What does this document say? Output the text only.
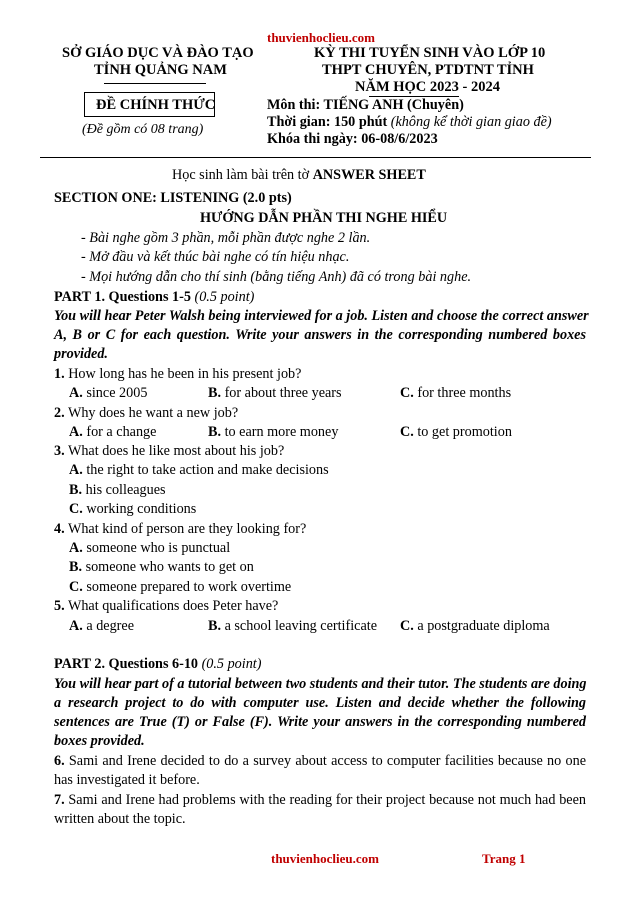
thuvienhoclieu.com
SỞ GIÁO DỤC VÀ ĐÀO TẠO
TỈNH QUẢNG NAM
ĐỀ CHÍNH THỨC
(Đề gồm có 08 trang)
KỲ THI TUYỂN SINH VÀO LỚP 10
THPT CHUYÊN, PTDTNT TỈNH
NĂM HỌC 2023 - 2024
Môn thi: TIẾNG ANH (Chuyên)
Thời gian: 150 phút (không kể thời gian giao đề)
Khóa thi ngày: 06-08/6/2023
Học sinh làm bài trên tờ ANSWER SHEET
SECTION ONE: LISTENING (2.0 pts)
HƯỚNG DẪN PHẦN THI NGHE HIỂU
- Bài nghe gồm 3 phần, mỗi phần được nghe 2 lần.
- Mở đầu và kết thúc bài nghe có tín hiệu nhạc.
- Mọi hướng dẫn cho thí sinh (bằng tiếng Anh) đã có trong bài nghe.
PART 1. Questions 1-5 (0.5 point)
You will hear Peter Walsh being interviewed for a job. Listen and choose the correct answer
A, B or C for each question. Write your answers in the corresponding numbered boxes
provided.
1. How long has he been in his present job?
A. since 2005	B. for about three years	C. for three months
2. Why does he want a new job?
A. for a change	B. to earn more money	C. to get promotion
3. What does he like most about his job?
A. the right to take action and make decisions
B. his colleagues
C. working conditions
4. What kind of person are they looking for?
A. someone who is punctual
B. someone who wants to get on
C. someone prepared to work overtime
5. What qualifications does Peter have?
A. a degree	B. a school leaving certificate C. a postgraduate diploma
PART 2. Questions 6-10 (0.5 point)
You will hear part of a tutorial between two students and their tutor. The students are doing
a research project to do with computer use. Listen and decide whether the following
sentences are True (T) or False (F). Write your answers in the corresponding numbered
boxes provided.
6. Sami and Irene decided to do a survey about access to computer facilities because no one
has investigated it before.
7. Sami and Irene had problems with the reading for their project because not much had been
written about the topic.
thuvienhoclieu.com	Trang 1
